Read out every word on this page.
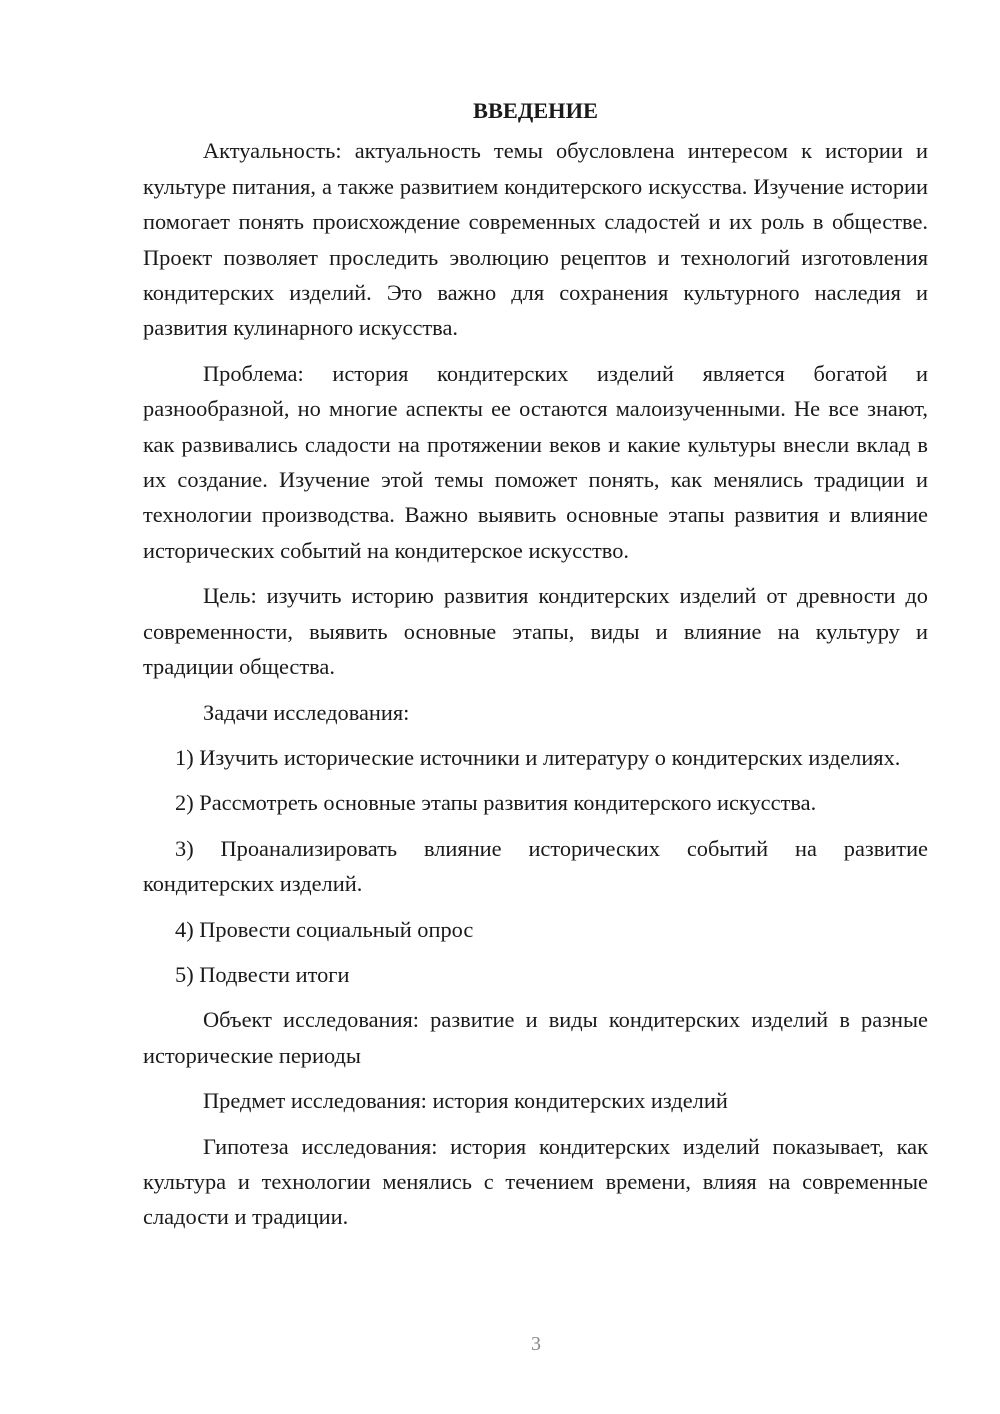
ВВЕДЕНИЕ
Актуальность: актуальность темы обусловлена интересом к истории и культуре питания, а также развитием кондитерского искусства. Изучение истории помогает понять происхождение современных сладостей и их роль в обществе. Проект позволяет проследить эволюцию рецептов и технологий изготовления кондитерских изделий. Это важно для сохранения культурного наследия и развития кулинарного искусства.
Проблема: история кондитерских изделий является богатой и разнообразной, но многие аспекты ее остаются малоизученными. Не все знают, как развивались сладости на протяжении веков и какие культуры внесли вклад в их создание. Изучение этой темы поможет понять, как менялись традиции и технологии производства. Важно выявить основные этапы развития и влияние исторических событий на кондитерское искусство.
Цель: изучить историю развития кондитерских изделий от древности до современности, выявить основные этапы, виды и влияние на культуру и традиции общества.
Задачи исследования:
1) Изучить исторические источники и литературу о кондитерских изделиях.
2) Рассмотреть основные этапы развития кондитерского искусства.
3) Проанализировать влияние исторических событий на развитие кондитерских изделий.
4) Провести социальный опрос
5) Подвести итоги
Объект исследования: развитие и виды кондитерских изделий в разные исторические периоды
Предмет исследования: история кондитерских изделий
Гипотеза исследования: история кондитерских изделий показывает, как культура и технологии менялись с течением времени, влияя на современные сладости и традиции.
3
